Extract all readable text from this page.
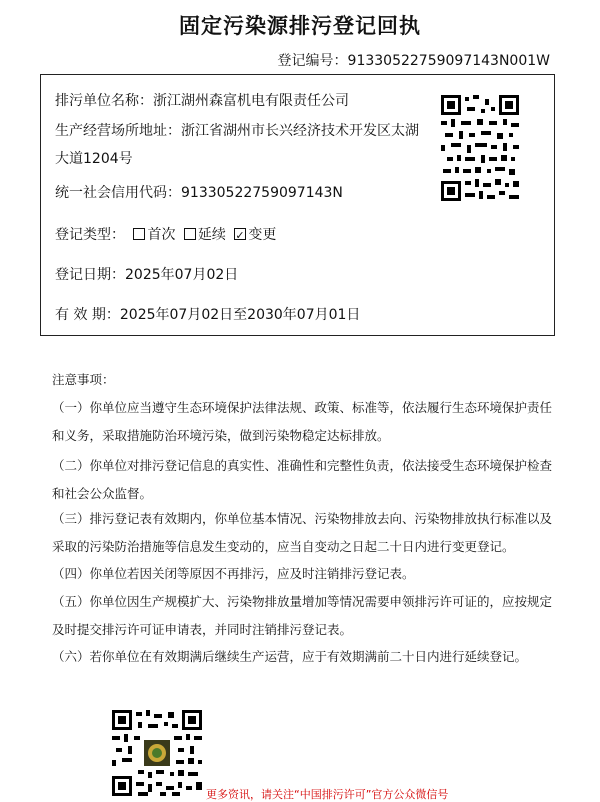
固定污染源排污登记回执
登记编号：91330522759097143N001W
排污单位名称：浙江湖州森富机电有限责任公司
生产经营场所地址：浙江省湖州市长兴经济技术开发区太湖大道1204号
统一社会信用代码：91330522759097143N
登记类型： 首次 延续 ✓ 变更
登记日期：2025年07月02日
有 效 期：2025年07月02日至2030年07月01日
注意事项：
（一）你单位应当遵守生态环境保护法律法规、政策、标准等，依法履行生态环境保护责任和义务，采取措施防治环境污染，做到污染物稳定达标排放。
（二）你单位对排污登记信息的真实性、准确性和完整性负责，依法接受生态环境保护检查和社会公众监督。
（三）排污登记表有效期内，你单位基本情况、污染物排放去向、污染物排放执行标准以及采取的污染防治措施等信息发生变动的，应当自变动之日起二十日内进行变更登记。
（四）你单位若因关闭等原因不再排污，应及时注销排污登记表。
（五）你单位因生产规模扩大、污染物排放量增加等情况需要申领排污许可证的，应按规定及时提交排污许可证申请表，并同时注销排污登记表。
（六）若你单位在有效期满后继续生产运营，应于有效期满前二十日内进行延续登记。
更多资讯，请关注“中国排污许可”官方公众微信号
